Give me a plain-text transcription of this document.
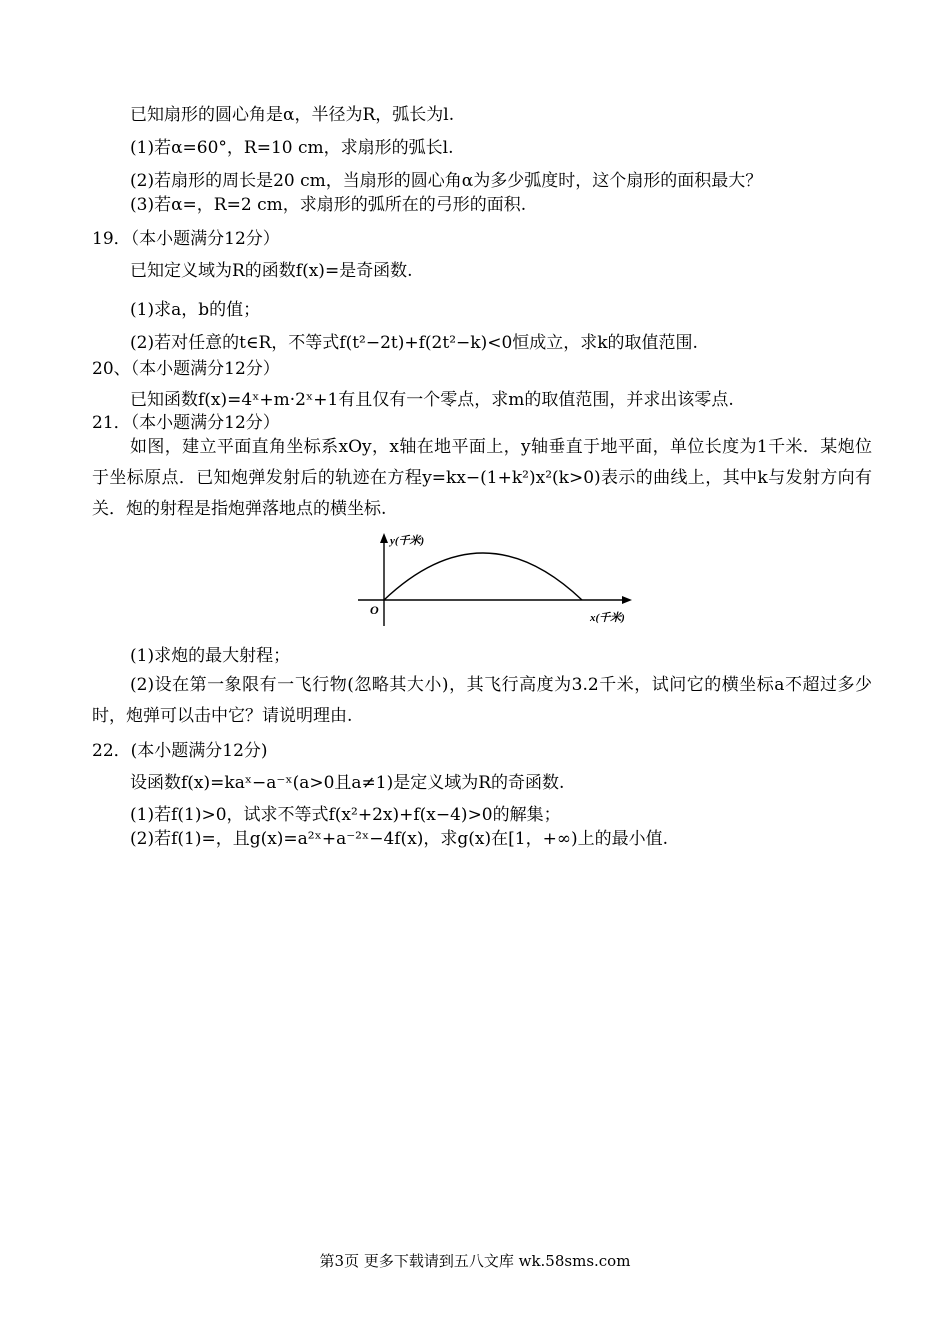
已知扇形的圆心角是α，半径为R，弧长为l.
(1)若α=60°，R=10 cm，求扇形的弧长l.
(2)若扇形的周长是20 cm，当扇形的圆心角α为多少弧度时，这个扇形的面积最大？
(3)若α=，R=2 cm，求扇形的弧所在的弓形的面积.
19．（本小题满分12分）
已知定义域为R的函数f(x)=是奇函数.
(1)求a，b的值；
(2)若对任意的t∈R，不等式f(t²−2t)+f(2t²−k)<0恒成立，求k的取值范围.
20、（本小题满分12分）
已知函数f(x)=4ˣ+m·2ˣ+1有且仅有一个零点，求m的取值范围，并求出该零点.
21．（本小题满分12分）
如图，建立平面直角坐标系xOy，x轴在地平面上，y轴垂直于地平面，单位长度为1千米．某炮位于坐标原点．已知炮弹发射后的轨迹在方程y=kx−(1+k²)x²(k>0)表示的曲线上，其中k与发射方向有关．炮的射程是指炮弹落地点的横坐标.
y(千米)
x(千米)
O
(1)求炮的最大射程；
(2)设在第一象限有一飞行物(忽略其大小)，其飞行高度为3.2千米，试问它的横坐标a不超过多少时，炮弹可以击中它？请说明理由.
22．(本小题满分12分)
设函数f(x)=kaˣ−a⁻ˣ(a>0且a≠1)是定义域为R的奇函数.
(1)若f(1)>0，试求不等式f(x²+2x)+f(x−4)>0的解集；
(2)若f(1)=，且g(x)=a²ˣ+a⁻²ˣ−4f(x)，求g(x)在[1，+∞)上的最小值.
第3页 更多下载请到五八文库 wk.58sms.com
